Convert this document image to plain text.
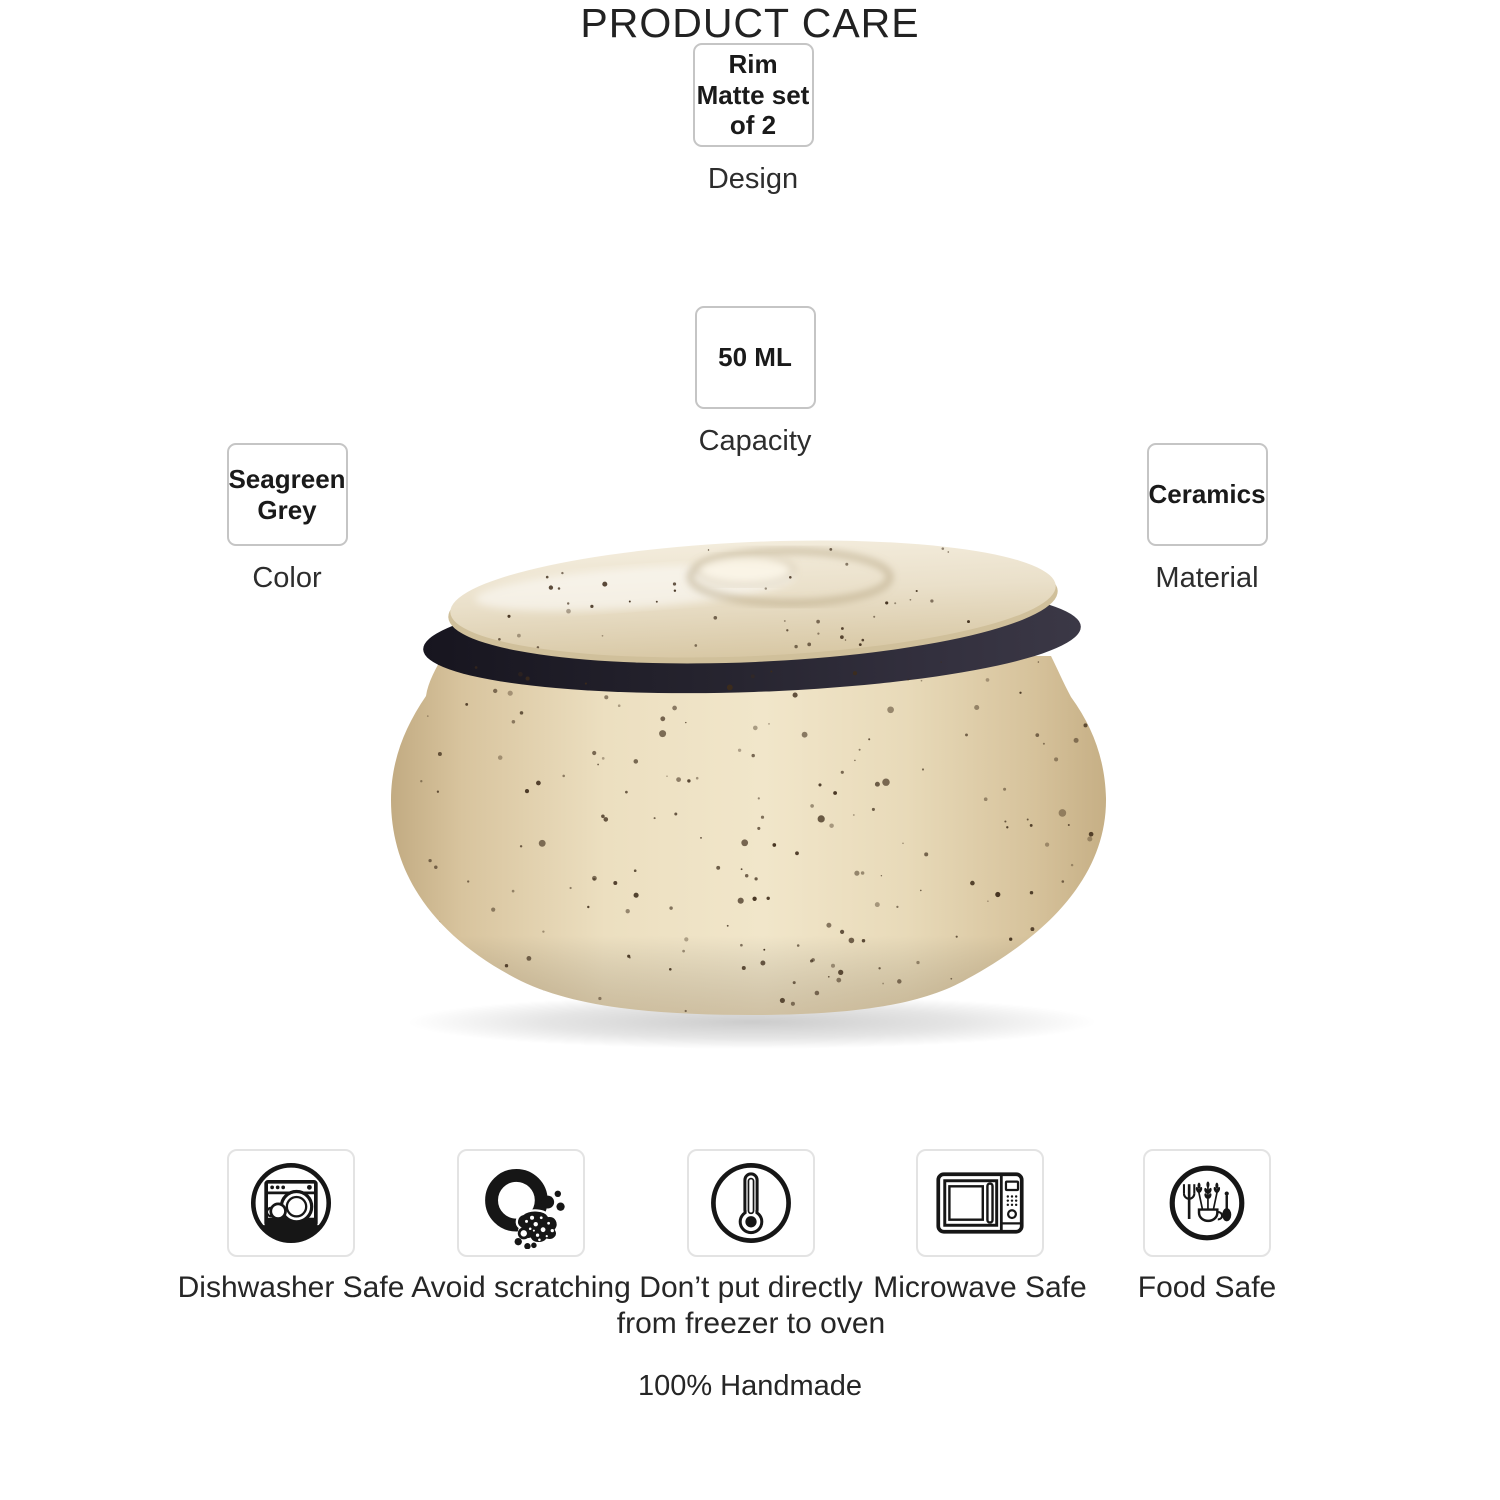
Rim Matte set of 2
Design
50 ML
Capacity
Seagreen Grey
Color
Ceramics
Material
PRODUCT CARE
Dishwasher Safe Avoid scratching Don’t put directly from freezer to oven
Microwave Safe Food Safe
100% Handmade
